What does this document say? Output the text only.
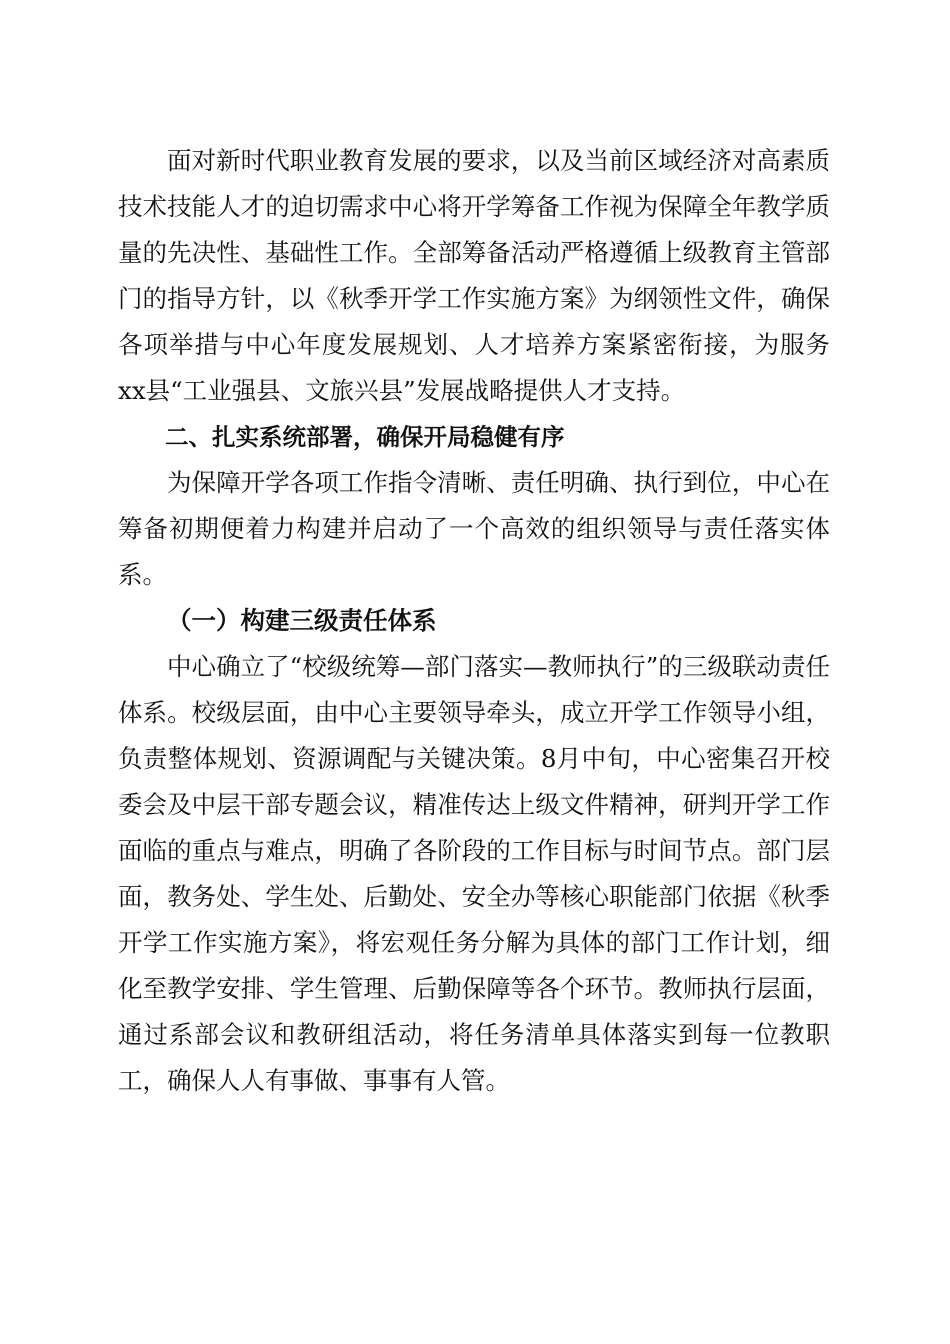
面对新时代职业教育发展的要求，以及当前区域经济对高素质技术技能人才的迫切需求中心将开学筹备工作视为保障全年教学质量的先决性、基础性工作。全部筹备活动严格遵循上级教育主管部门的指导方针，以《秋季开学工作实施方案》为纲领性文件，确保各项举措与中心年度发展规划、人才培养方案紧密衔接，为服务xx县“工业强县、文旅兴县”发展战略提供人才支持。

二、扎实系统部署，确保开局稳健有序

为保障开学各项工作指令清晰、责任明确、执行到位，中心在筹备初期便着力构建并启动了一个高效的组织领导与责任落实体系。

（一）构建三级责任体系

中心确立了“校级统筹—部门落实—教师执行”的三级联动责任体系。校级层面，由中心主要领导牵头，成立开学工作领导小组，负责整体规划、资源调配与关键决策。8月中旬，中心密集召开校委会及中层干部专题会议，精准传达上级文件精神，研判开学工作面临的重点与难点，明确了各阶段的工作目标与时间节点。部门层面，教务处、学生处、后勤处、安全办等核心职能部门依据《秋季开学工作实施方案》，将宏观任务分解为具体的部门工作计划，细化至教学安排、学生管理、后勤保障等各个环节。教师执行层面，通过系部会议和教研组活动，将任务清单具体落实到每一位教职工，确保人人有事做、事事有人管。
